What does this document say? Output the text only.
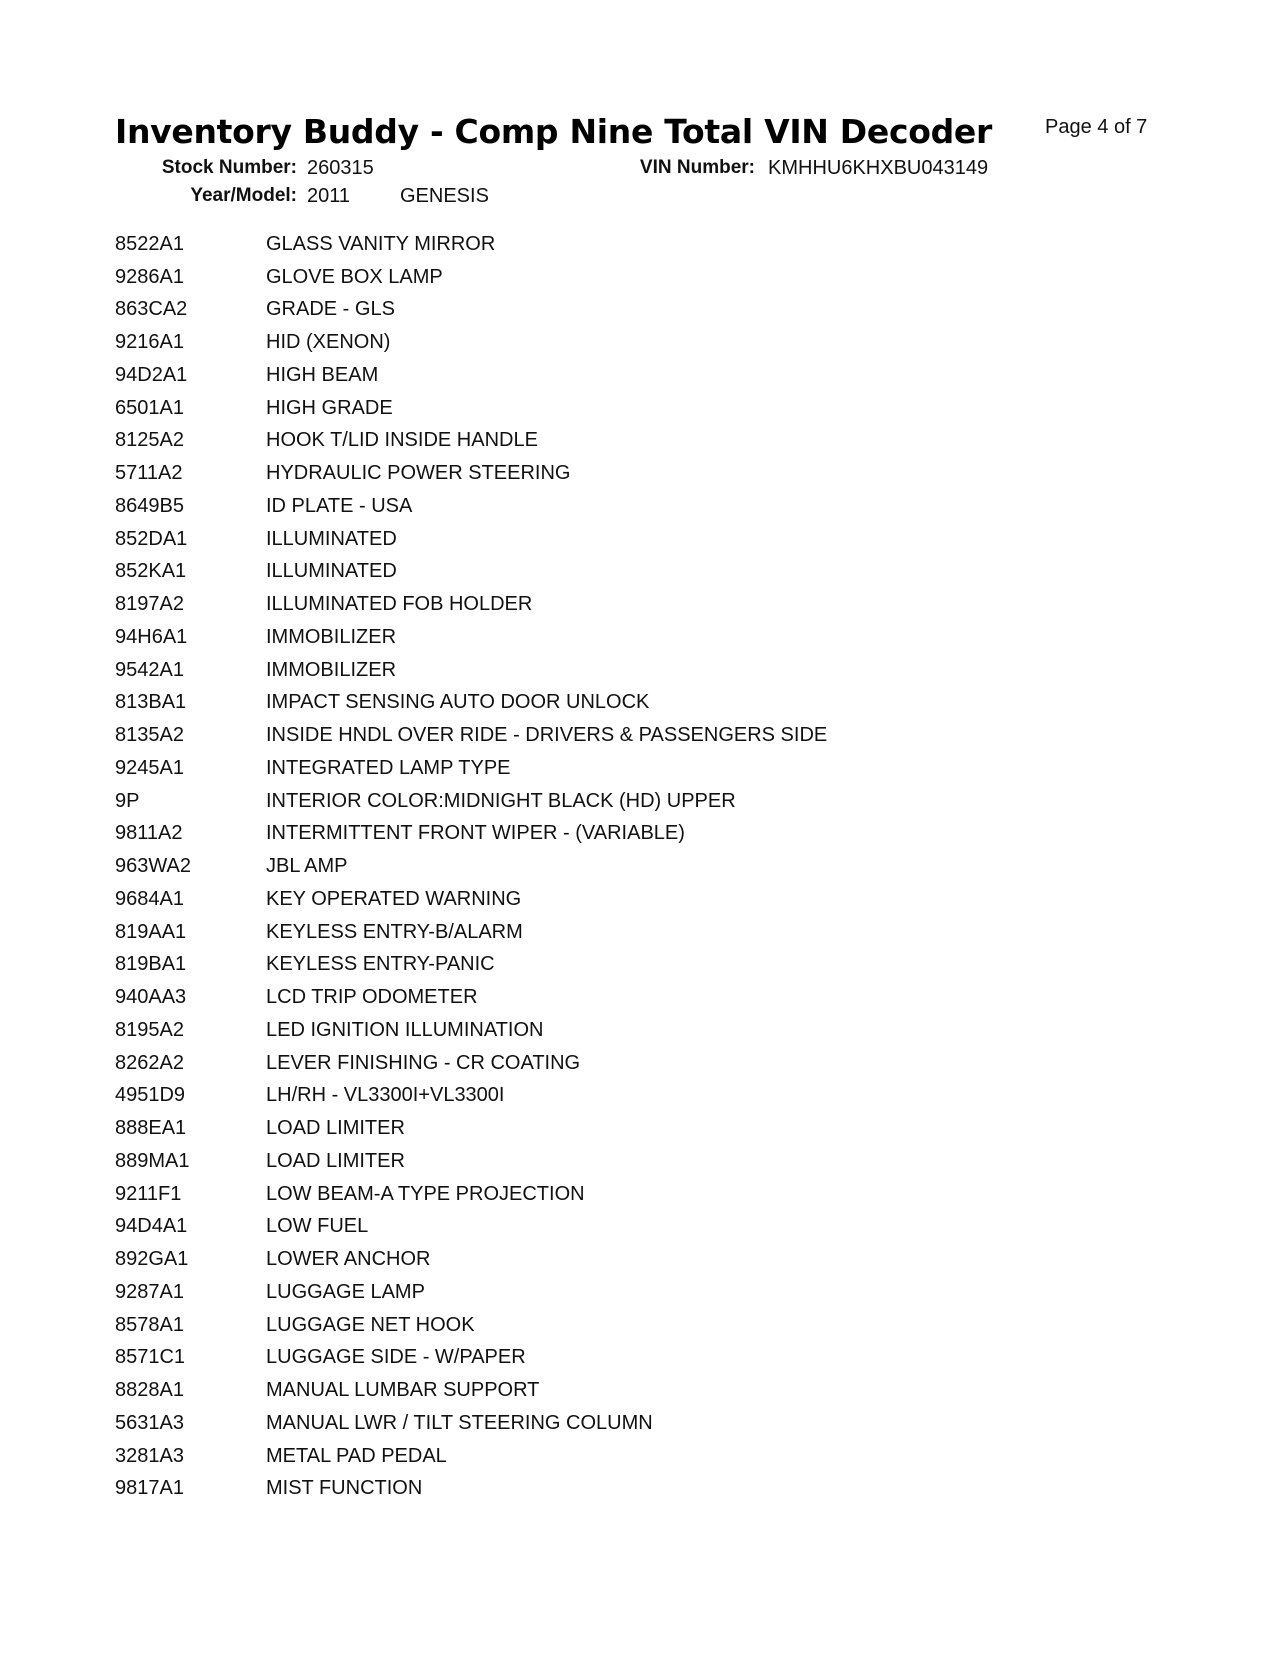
Inventory Buddy - Comp Nine Total VIN Decoder	Page 4 of 7
Stock Number: 260315	VIN Number: KMHHU6KHXBU043149
Year/Model: 2011 GENESIS
8522A1	GLASS VANITY MIRROR
9286A1	GLOVE BOX LAMP
863CA2	GRADE - GLS
9216A1	HID (XENON)
94D2A1	HIGH BEAM
6501A1	HIGH GRADE
8125A2	HOOK T/LID INSIDE HANDLE
5711A2	HYDRAULIC POWER STEERING
8649B5	ID PLATE - USA
852DA1	ILLUMINATED
852KA1	ILLUMINATED
8197A2	ILLUMINATED FOB HOLDER
94H6A1	IMMOBILIZER
9542A1	IMMOBILIZER
813BA1	IMPACT SENSING AUTO DOOR UNLOCK
8135A2	INSIDE HNDL OVER RIDE - DRIVERS & PASSENGERS SIDE
9245A1	INTEGRATED LAMP TYPE
9P	INTERIOR COLOR:MIDNIGHT BLACK (HD) UPPER
9811A2	INTERMITTENT FRONT WIPER - (VARIABLE)
963WA2	JBL AMP
9684A1	KEY OPERATED WARNING
819AA1	KEYLESS ENTRY-B/ALARM
819BA1	KEYLESS ENTRY-PANIC
940AA3	LCD TRIP ODOMETER
8195A2	LED IGNITION ILLUMINATION
8262A2	LEVER FINISHING - CR COATING
4951D9	LH/RH - VL3300I+VL3300I
888EA1	LOAD LIMITER
889MA1	LOAD LIMITER
9211F1	LOW BEAM-A TYPE PROJECTION
94D4A1	LOW FUEL
892GA1	LOWER ANCHOR
9287A1	LUGGAGE LAMP
8578A1	LUGGAGE NET HOOK
8571C1	LUGGAGE SIDE - W/PAPER
8828A1	MANUAL LUMBAR SUPPORT
5631A3	MANUAL LWR / TILT STEERING COLUMN
3281A3	METAL PAD PEDAL
9817A1	MIST FUNCTION
